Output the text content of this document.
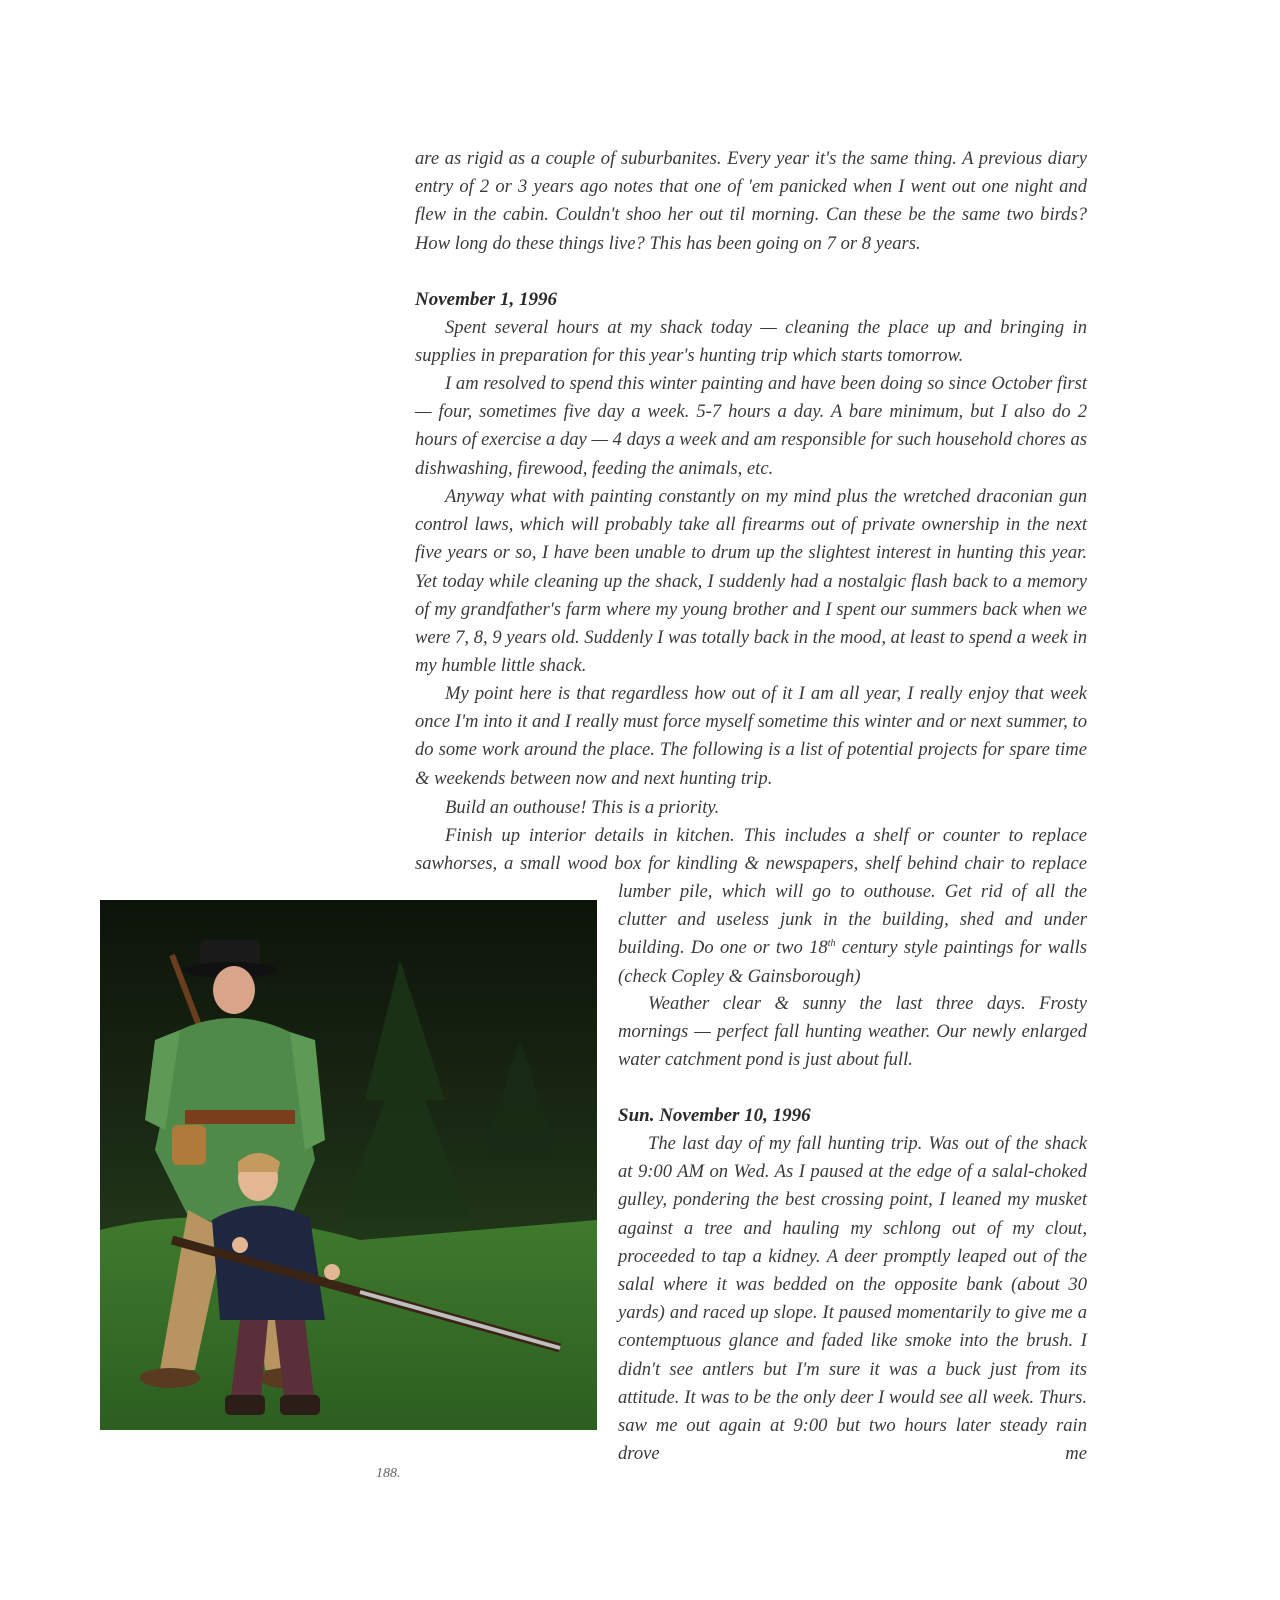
are as rigid as a couple of suburbanites. Every year it's the same thing. A previous diary entry of 2 or 3 years ago notes that one of 'em panicked when I went out one night and flew in the cabin. Couldn't shoo her out til morning. Can these be the same two birds? How long do these things live? This has been going on 7 or 8 years.

November 1, 1996

Spent several hours at my shack today — cleaning the place up and bringing in supplies in preparation for this year's hunting trip which starts tomorrow.

I am resolved to spend this winter painting and have been doing so since October first — four, sometimes five day a week. 5-7 hours a day. A bare minimum, but I also do 2 hours of exercise a day — 4 days a week and am responsible for such household chores as dishwashing, firewood, feeding the animals, etc.

Anyway what with painting constantly on my mind plus the wretched draconian gun control laws, which will probably take all firearms out of private ownership in the next five years or so, I have been unable to drum up the slightest interest in hunting this year. Yet today while cleaning up the shack, I suddenly had a nostalgic flash back to a memory of my grandfather's farm where my young brother and I spent our summers back when we were 7, 8, 9 years old. Suddenly I was totally back in the mood, at least to spend a week in my humble little shack.

My point here is that regardless how out of it I am all year, I really enjoy that week once I'm into it and I really must force myself sometime this winter and or next summer, to do some work around the place. The following is a list of potential projects for spare time & weekends between now and next hunting trip.

Build an outhouse! This is a priority.

Finish up interior details in kitchen. This includes a shelf or counter to replace sawhorses, a small wood box for kindling & newspapers, shelf behind chair to replace

lumber pile, which will go to outhouse. Get rid of all the clutter and useless junk in the building, shed and under building. Do one or two 18th century style paintings for walls (check Copley & Gainsborough)

Weather clear & sunny the last three days. Frosty mornings — perfect fall hunting weather. Our newly enlarged water catchment pond is just about full.

Sun. November 10, 1996

The last day of my fall hunting trip. Was out of the shack at 9:00 AM on Wed. As I paused at the edge of a salal-choked gulley, pondering the best crossing point, I leaned my musket against a tree and hauling my schlong out of my clout, proceeded to tap a kidney. A deer promptly leaped out of the salal where it was bedded on the opposite bank (about 30 yards) and raced up slope. It paused momentarily to give me a contemptuous glance and faded like smoke into the brush. I didn't see antlers but I'm sure it was a buck just from its attitude. It was to be the only deer I would see all week. Thurs. saw me out again at 9:00 but two hours later steady rain drove me

188.
